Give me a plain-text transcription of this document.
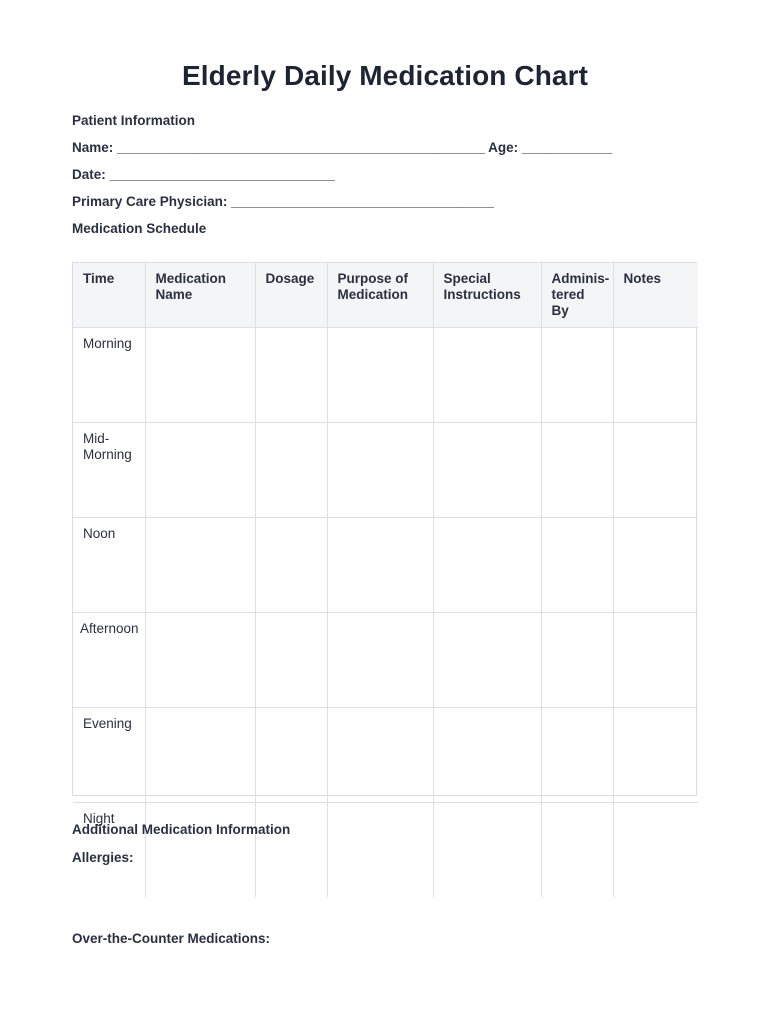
Elderly Daily Medication Chart
Patient Information
Name: _________________________________________________ Age: ____________
Date: ______________________________
Primary Care Physician: ___________________________________
Medication Schedule
Time	Medication Name	Dosage	Purpose of Medication	Special Instructions	Adminis-tered By	Notes
Morning						
Mid-Morning						
Noon						
Afternoon						
Evening						
Night						
Additional Medication Information
Allergies:
Over-the-Counter Medications:
